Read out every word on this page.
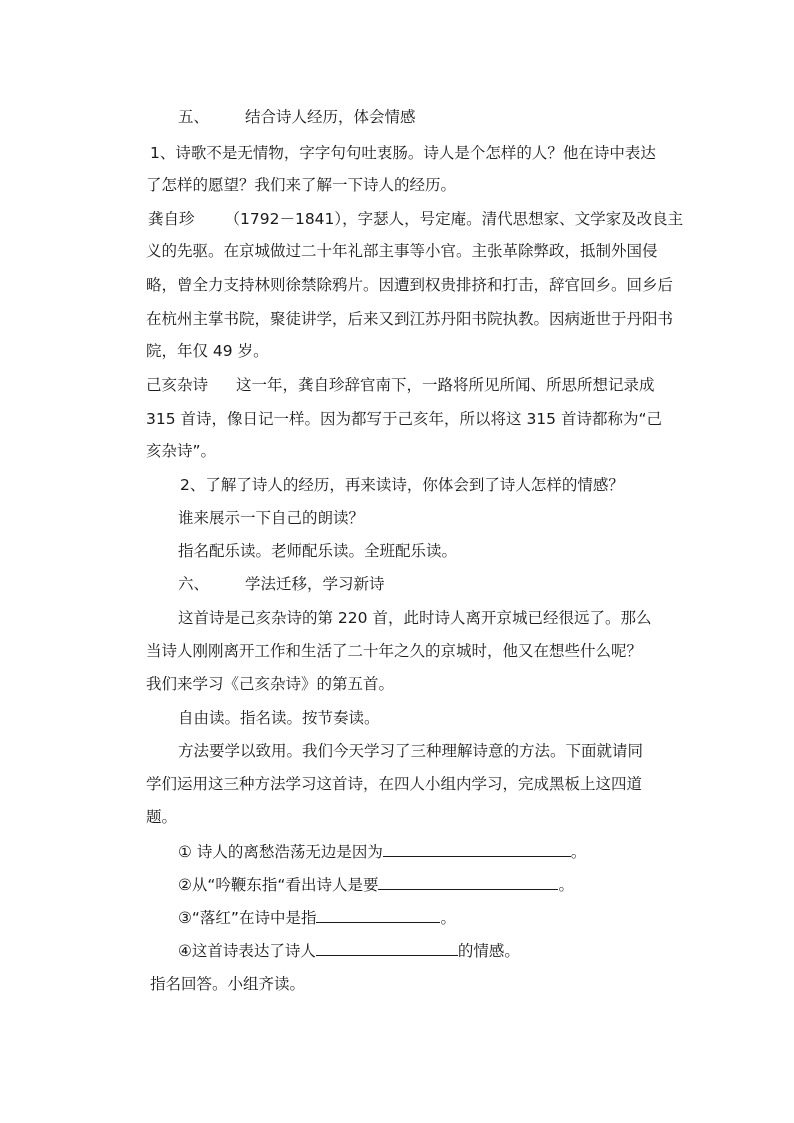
五、 结合诗人经历，体会情感
1、诗歌不是无情物，字字句句吐衷肠。诗人是个怎样的人？他在诗中表达
了怎样的愿望？我们来了解一下诗人的经历。
龚自珍 （1792－1841），字瑟人，号定庵。清代思想家、文学家及改良主
义的先驱。在京城做过二十年礼部主事等小官。主张革除弊政，抵制外国侵
略，曾全力支持林则徐禁除鸦片。因遭到权贵排挤和打击，辞官回乡。回乡后
在杭州主掌书院，聚徒讲学，后来又到江苏丹阳书院执教。因病逝世于丹阳书
院，年仅 49 岁。
己亥杂诗 这一年，龚自珍辞官南下，一路将所见所闻、所思所想记录成
315 首诗，像日记一样。因为都写于己亥年，所以将这 315 首诗都称为“己
亥杂诗”。
2、了解了诗人的经历，再来读诗，你体会到了诗人怎样的情感？
谁来展示一下自己的朗读？
指名配乐读。老师配乐读。全班配乐读。
六、 学法迁移，学习新诗
这首诗是己亥杂诗的第 220 首，此时诗人离开京城已经很远了。那么
当诗人刚刚离开工作和生活了二十年之久的京城时，他又在想些什么呢？
我们来学习《己亥杂诗》的第五首。
自由读。指名读。按节奏读。
方法要学以致用。我们今天学习了三种理解诗意的方法。下面就请同
学们运用这三种方法学习这首诗，在四人小组内学习，完成黑板上这四道
题。
① 诗人的离愁浩荡无边是因为	。
②从“吟鞭东指“看出诗人是要	。
③“落红”在诗中是指	。
④这首诗表达了诗人	的情感。
指名回答。小组齐读。
